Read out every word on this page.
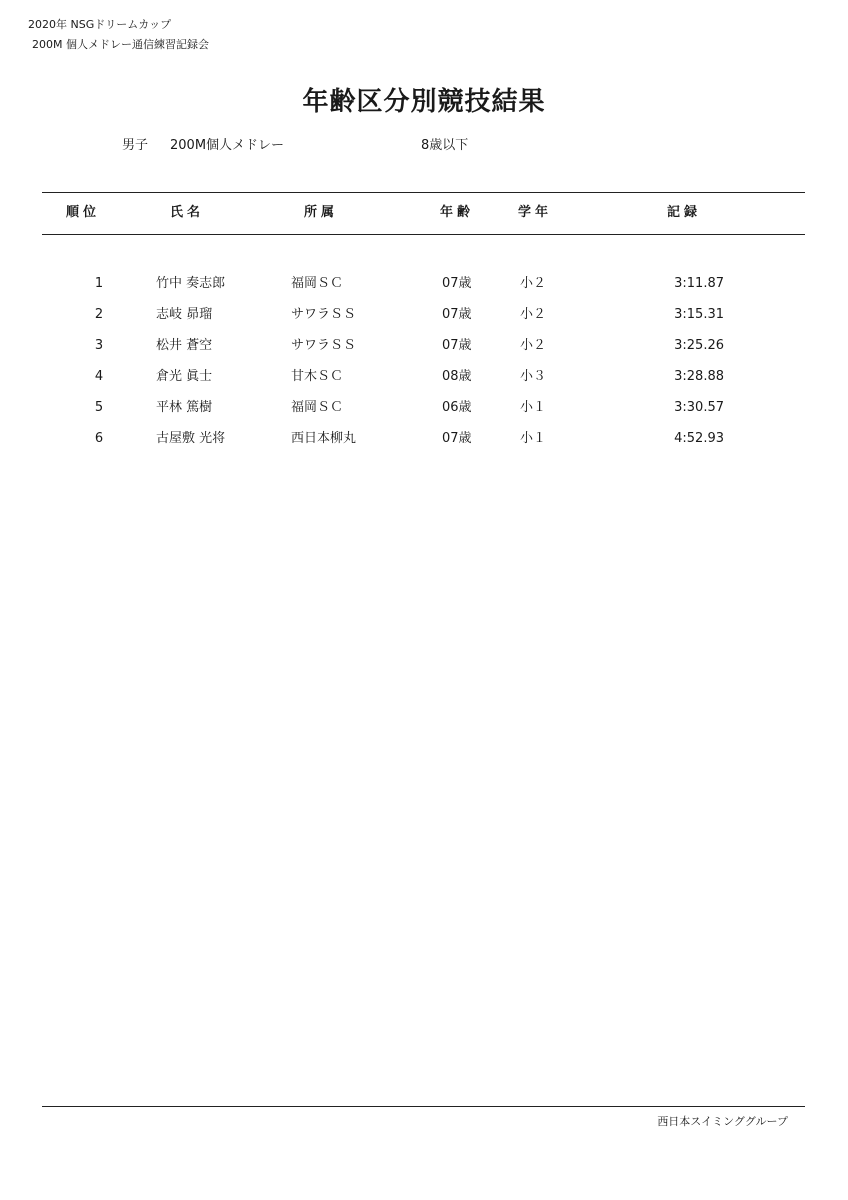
2020年 NSGドリームカップ
200M 個人メドレー通信練習記録会
年齢区分別競技結果
男子 200M個人メドレー	8歳以下
順位	氏名	所属	年齢	学年	記録
1	竹中 奏志郎	福岡ＳＣ	07歳	小２	3:11.87
2	志岐 昴瑠	サワラＳＳ	07歳	小２	3:15.31
3	松井 蒼空	サワラＳＳ	07歳	小２	3:25.26
4	倉光 眞士	甘木ＳＣ	08歳	小３	3:28.88
5	平林 篤樹	福岡ＳＣ	06歳	小１	3:30.57
6	古屋敷 光将	西日本柳丸	07歳	小１	4:52.93
西日本スイミンググループ
